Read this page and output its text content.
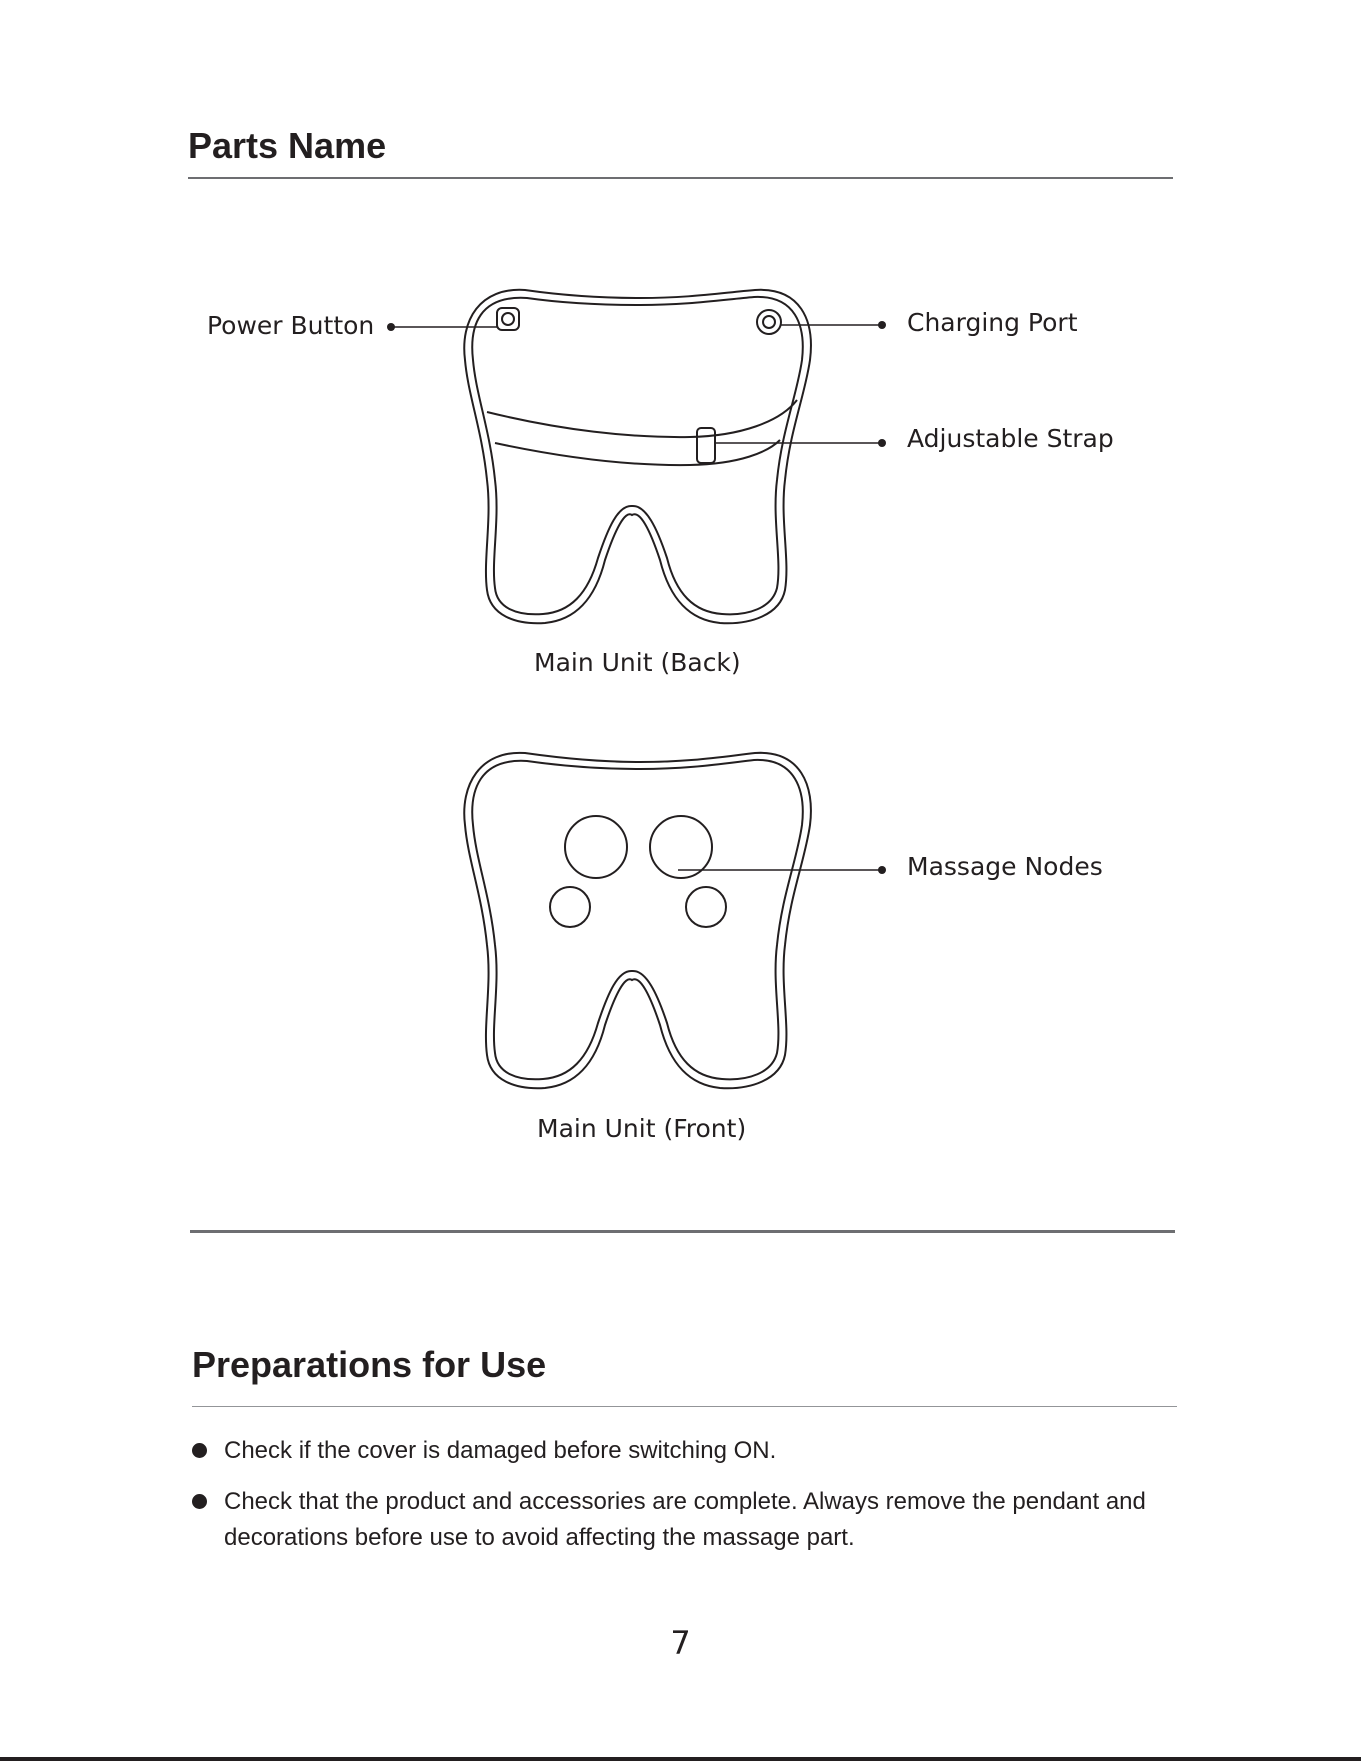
Parts Name
Power Button	Charging Port
Adjustable Strap
Main Unit (Back)
Massage Nodes
Main Unit (Front)
Preparations for Use
Check if the cover is damaged before switching ON.
Check that the product and accessories are complete. Always remove the pendant and decorations before use to avoid affecting the massage part.
7
